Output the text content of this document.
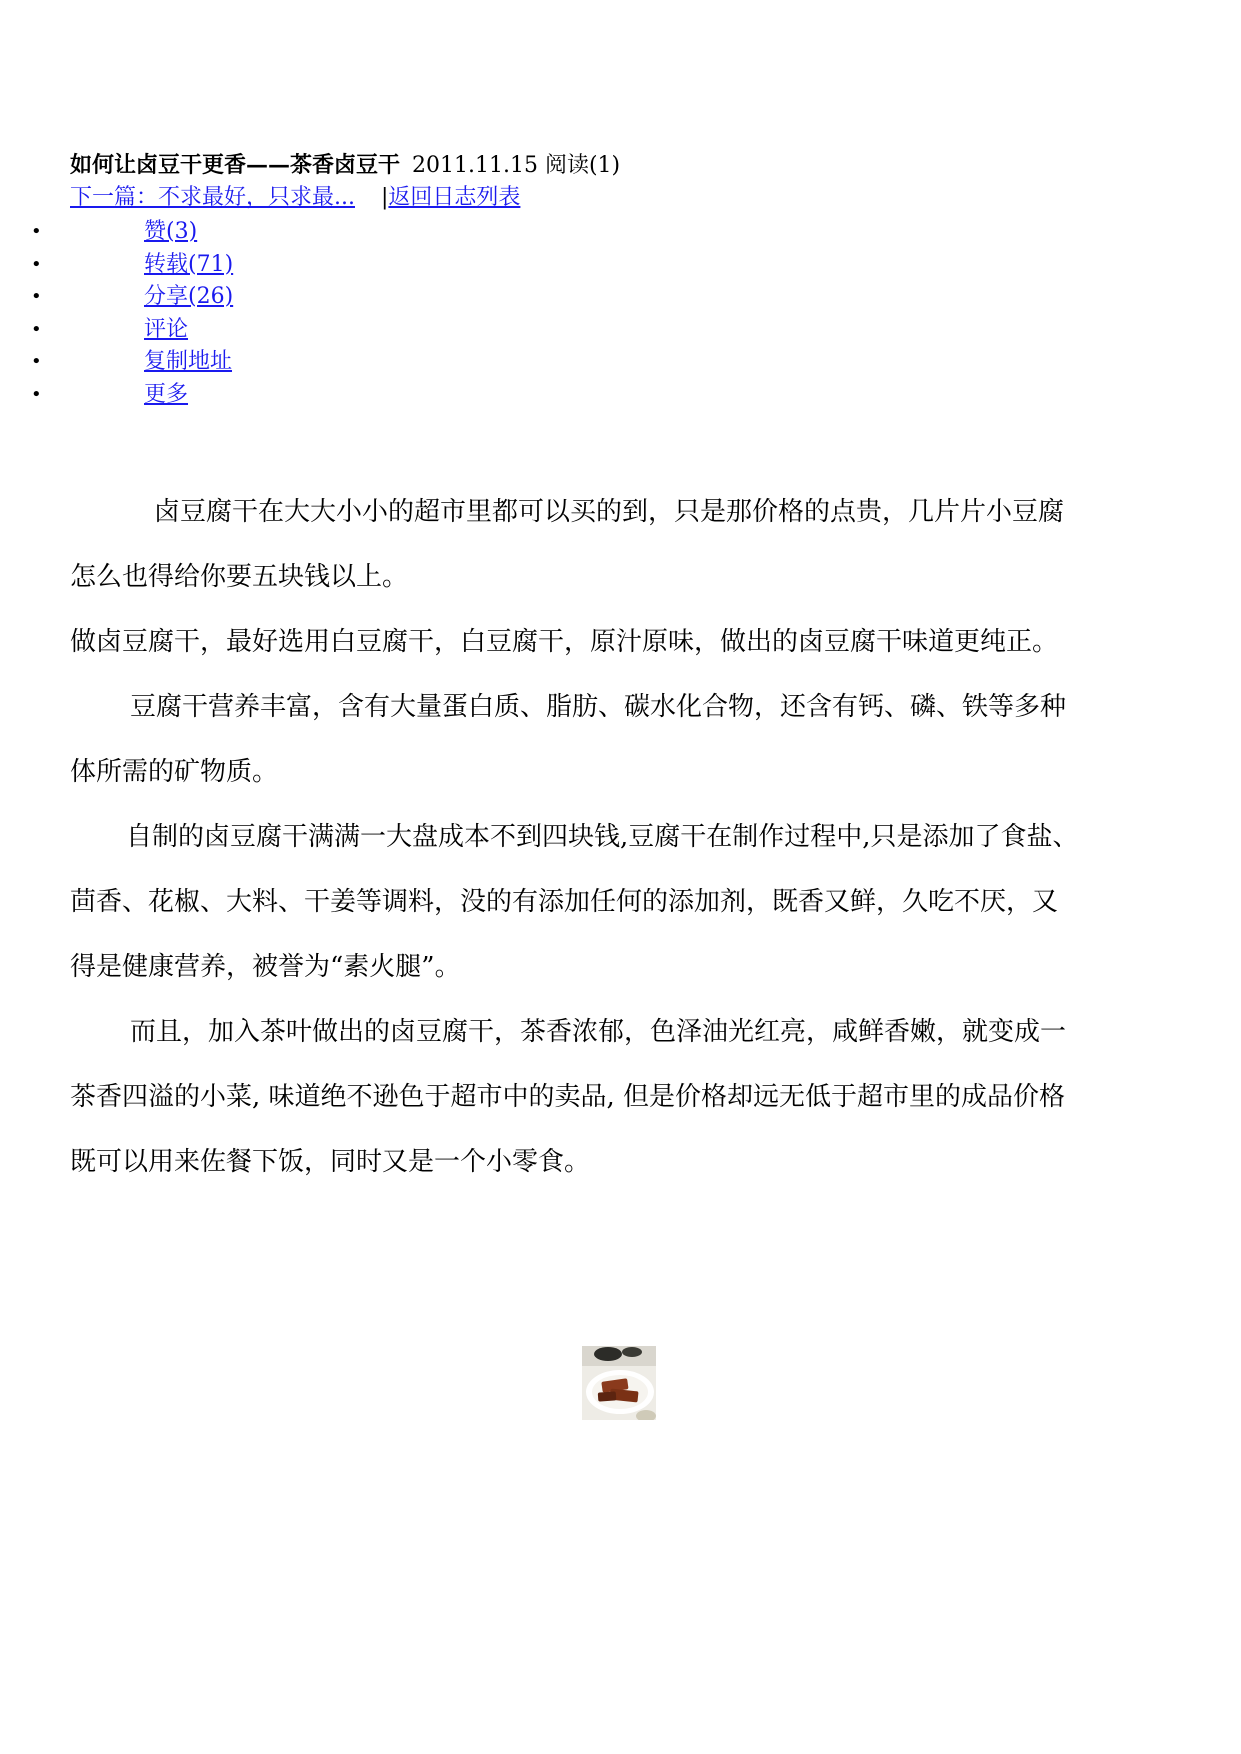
如何让卤豆干更香——茶香卤豆干 2011.11.15 阅读(1)
下一篇：不求最好，只求最... |返回日志列表
•	赞(3)
•	转载(71)
•	分享(26)
•	评论
•	复制地址
•	更多

卤豆腐干在大大小小的超市里都可以买的到，只是那价格的点贵，几片片小豆腐

怎么也得给你要五块钱以上。

做卤豆腐干，最好选用白豆腐干，白豆腐干，原汁原味，做出的卤豆腐干味道更纯正。

豆腐干营养丰富，含有大量蛋白质、脂肪、碳水化合物，还含有钙、磷、铁等多种

体所需的矿物质。

自制的卤豆腐干满满一大盘成本不到四块钱,豆腐干在制作过程中,只是添加了食盐、

茴香、花椒、大料、干姜等调料，没的有添加任何的添加剂，既香又鲜，久吃不厌，又

得是健康营养，被誉为“素火腿”。

而且，加入茶叶做出的卤豆腐干，茶香浓郁，色泽油光红亮，咸鲜香嫩，就变成一

茶香四溢的小菜, 味道绝不逊色于超市中的卖品, 但是价格却远无低于超市里的成品价格

既可以用来佐餐下饭，同时又是一个小零食。
